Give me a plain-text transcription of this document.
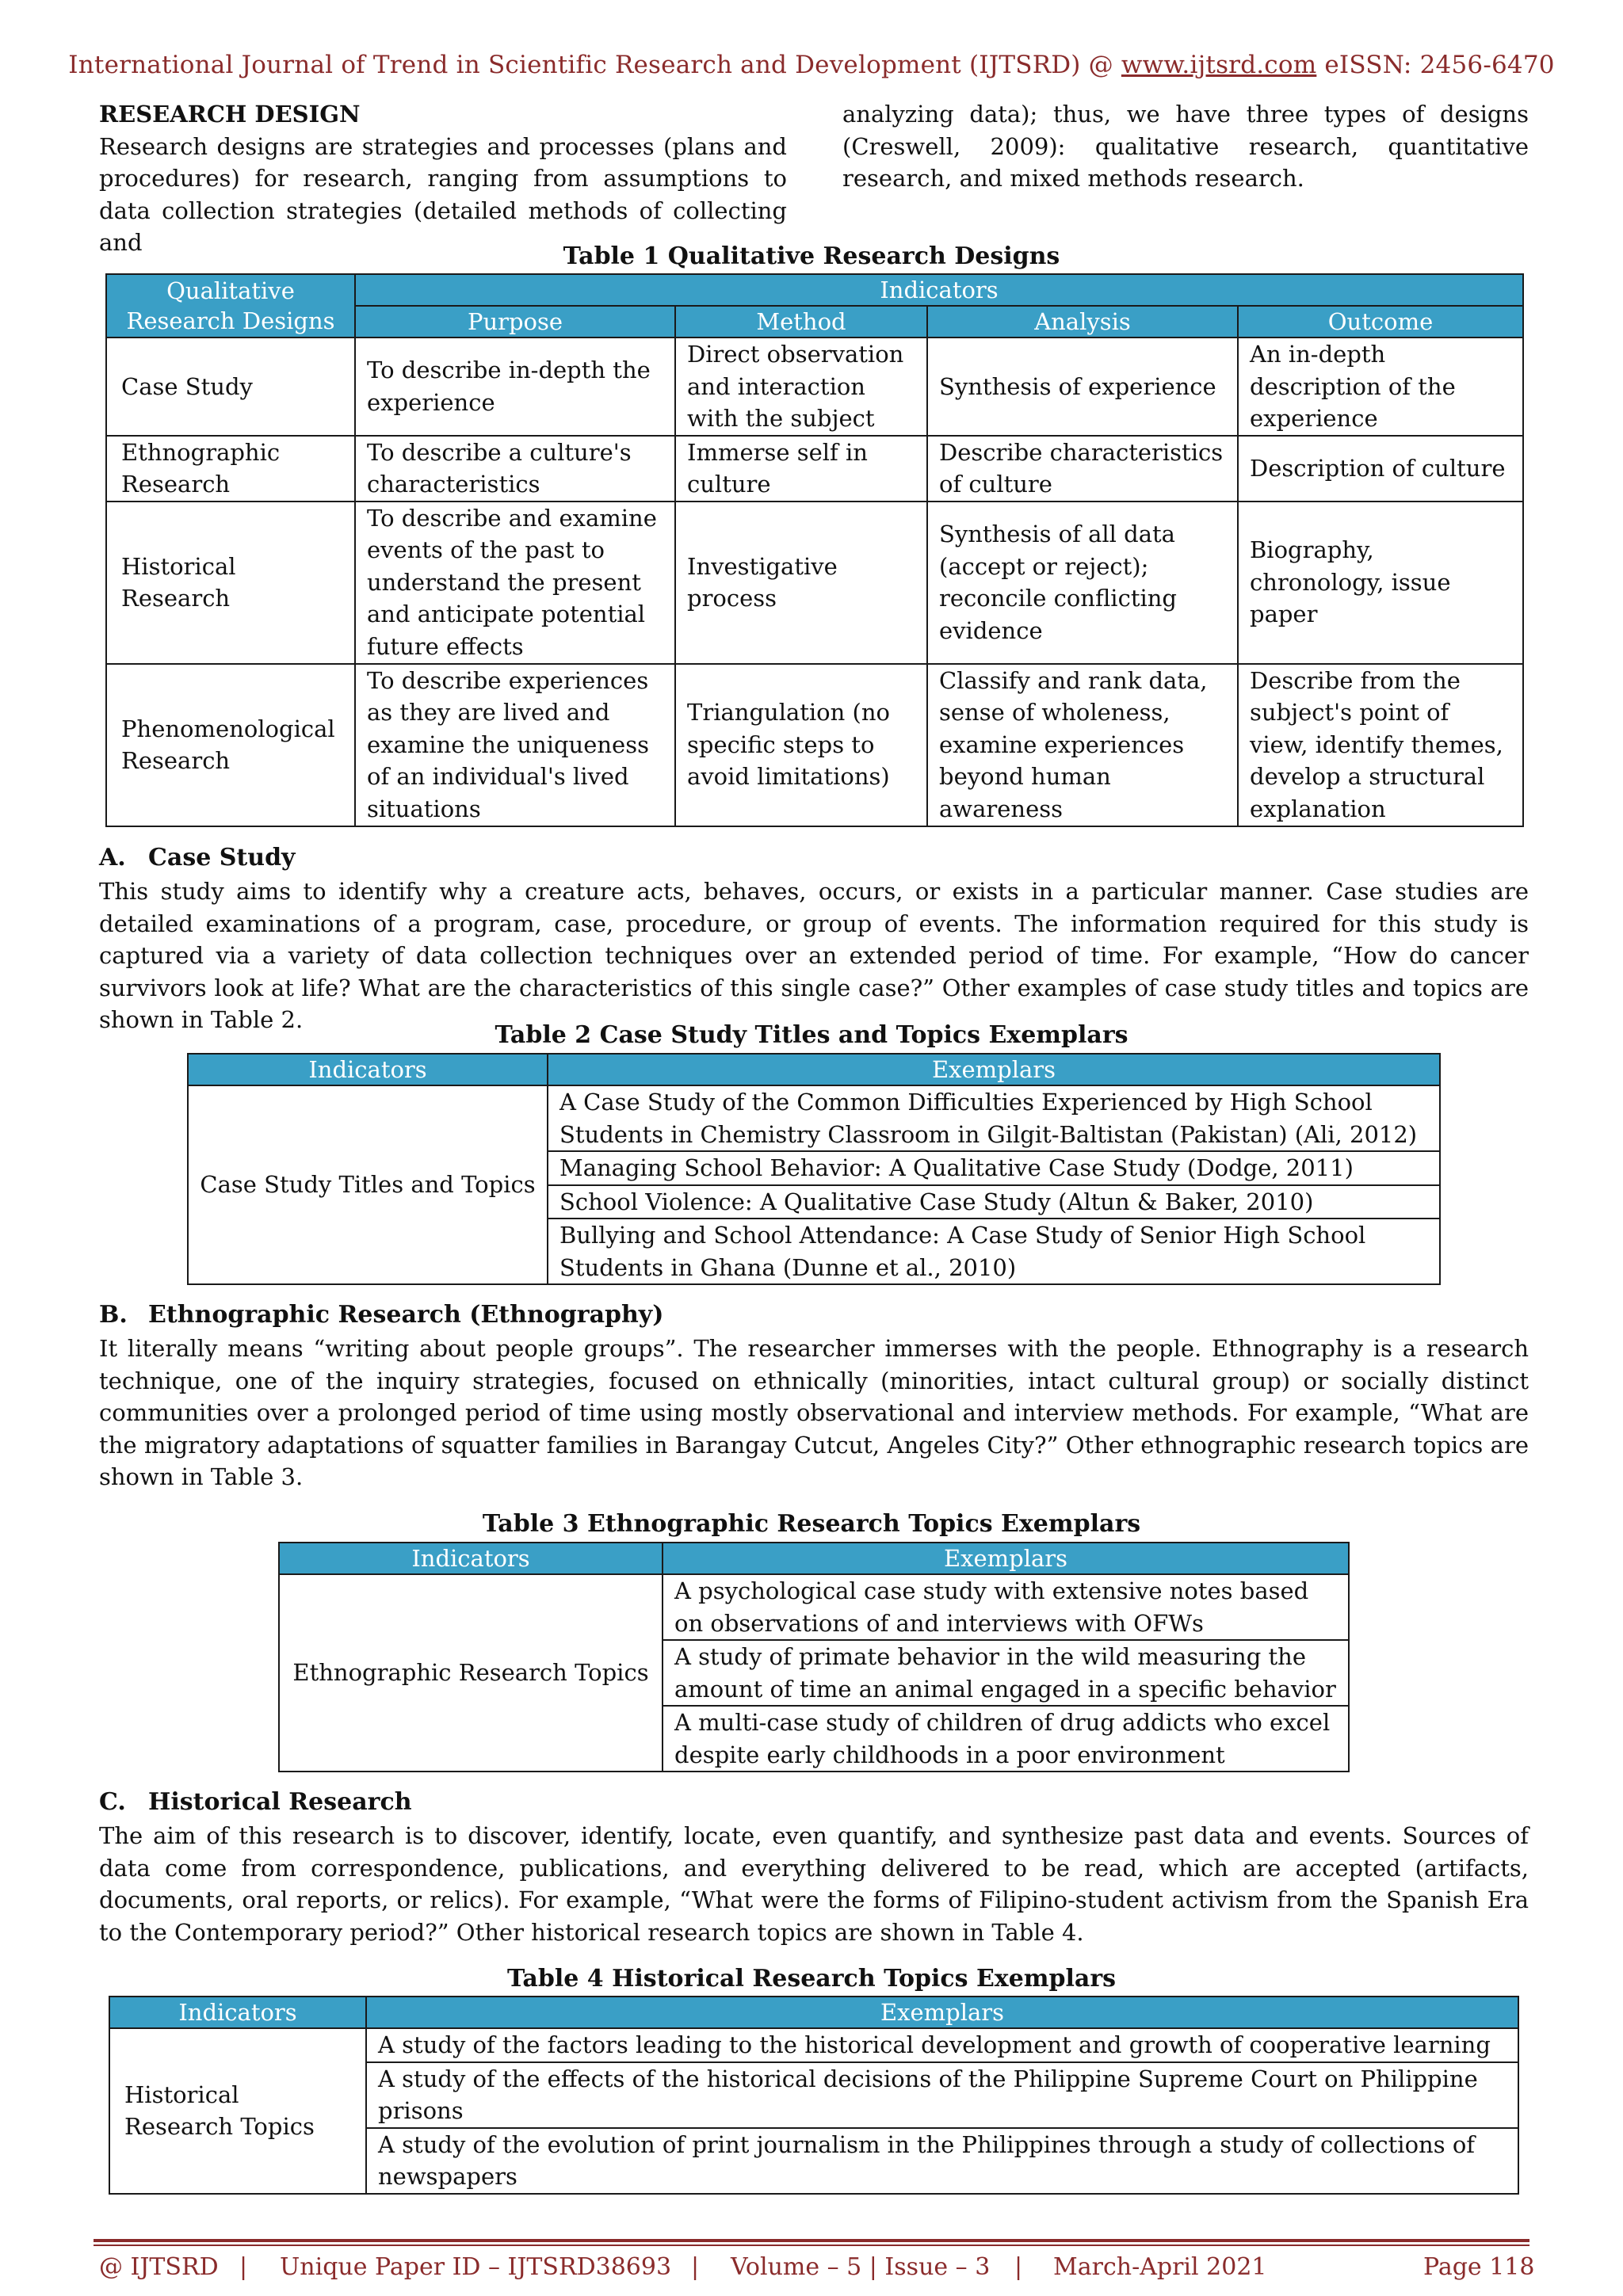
International Journal of Trend in Scientific Research and Development (IJTSRD) @ www.ijtsrd.com eISSN: 2456-6470
RESEARCH DESIGN
Research designs are strategies and processes (plans and procedures) for research, ranging from assumptions to data collection strategies (detailed methods of collecting and
analyzing data); thus, we have three types of designs (Creswell, 2009): qualitative research, quantitative research, and mixed methods research.
Table 1 Qualitative Research Designs
Qualitative Research Designs	Indicators			
	Purpose	Method	Analysis	Outcome
Case Study	To describe in-depth the experience	Direct observation and interaction with the subject	Synthesis of experience	An in-depth description of the experience
Ethnographic Research	To describe a culture's characteristics	Immerse self in culture	Describe characteristics of culture	Description of culture
Historical Research	To describe and examine events of the past to understand the present and anticipate potential future effects	Investigative process	Synthesis of all data (accept or reject); reconcile conflicting evidence	Biography, chronology, issue paper
Phenomenological Research	To describe experiences as they are lived and examine the uniqueness of an individual's lived situations	Triangulation (no specific steps to avoid limitations)	Classify and rank data, sense of wholeness, examine experiences beyond human awareness	Describe from the subject's point of view, identify themes, develop a structural explanation
A. Case Study
This study aims to identify why a creature acts, behaves, occurs, or exists in a particular manner. Case studies are detailed examinations of a program, case, procedure, or group of events. The information required for this study is captured via a variety of data collection techniques over an extended period of time. For example, “How do cancer survivors look at life? What are the characteristics of this single case?” Other examples of case study titles and topics are shown in Table 2.
Table 2 Case Study Titles and Topics Exemplars
Indicators	Exemplars
Case Study Titles and Topics	A Case Study of the Common Difficulties Experienced by High School Students in Chemistry Classroom in Gilgit-Baltistan (Pakistan) (Ali, 2012)
	Managing School Behavior: A Qualitative Case Study (Dodge, 2011)
	School Violence: A Qualitative Case Study (Altun & Baker, 2010)
	Bullying and School Attendance: A Case Study of Senior High School Students in Ghana (Dunne et al., 2010)
B. Ethnographic Research (Ethnography)
It literally means “writing about people groups”. The researcher immerses with the people. Ethnography is a research technique, one of the inquiry strategies, focused on ethnically (minorities, intact cultural group) or socially distinct communities over a prolonged period of time using mostly observational and interview methods. For example, “What are the migratory adaptations of squatter families in Barangay Cutcut, Angeles City?” Other ethnographic research topics are shown in Table 3.
Table 3 Ethnographic Research Topics Exemplars
Indicators	Exemplars
Ethnographic Research Topics	A psychological case study with extensive notes based on observations of and interviews with OFWs
	A study of primate behavior in the wild measuring the amount of time an animal engaged in a specific behavior
	A multi-case study of children of drug addicts who excel despite early childhoods in a poor environment
C. Historical Research
The aim of this research is to discover, identify, locate, even quantify, and synthesize past data and events. Sources of data come from correspondence, publications, and everything delivered to be read, which are accepted (artifacts, documents, oral reports, or relics). For example, “What were the forms of Filipino-student activism from the Spanish Era to the Contemporary period?” Other historical research topics are shown in Table 4.
Table 4 Historical Research Topics Exemplars
Indicators	Exemplars
Historical Research Topics	A study of the factors leading to the historical development and growth of cooperative learning
	A study of the effects of the historical decisions of the Philippine Supreme Court on Philippine prisons
	A study of the evolution of print journalism in the Philippines through a study of collections of newspapers
@ IJTSRD | Unique Paper ID – IJTSRD38693 | Volume – 5 | Issue – 3 | March-April 2021	Page 118
